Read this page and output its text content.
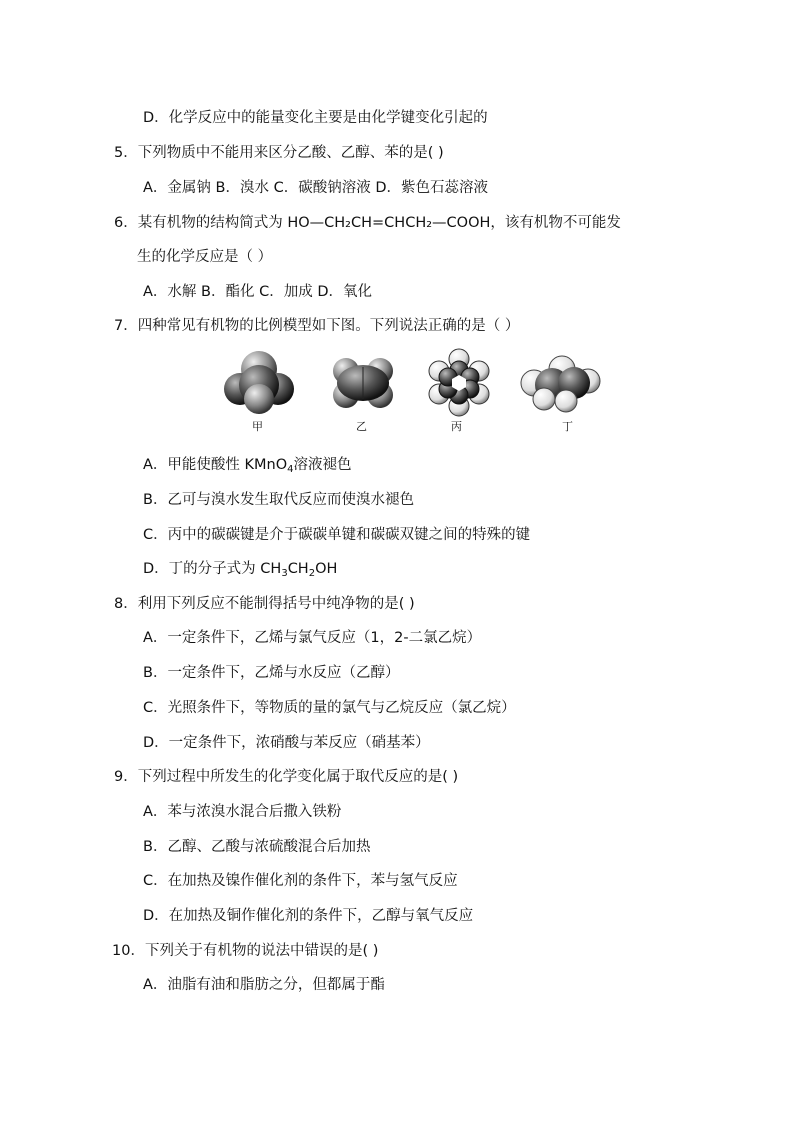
D．化学反应中的能量变化主要是由化学键变化引起的
5．下列物质中不能用来区分乙酸、乙醇、苯的是( )
A．金属钠 B．溴水 C．碳酸钠溶液 D．紫色石蕊溶液
6．某有机物的结构简式为 HO—CH₂CH=CHCH₂—COOH，该有机物不可能发
生的化学反应是（ ）
A．水解 B．酯化 C．加成 D．氧化
7．四种常见有机物的比例模型如下图。下列说法正确的是（ ）
甲	乙	丙	丁
A．甲能使酸性 KMnO$_4$溶液褪色
B．乙可与溴水发生取代反应而使溴水褪色
C．丙中的碳碳键是介于碳碳单键和碳碳双键之间的特殊的键
D．丁的分子式为 $CH_3CH_2OH$
8．利用下列反应不能制得括号中纯净物的是( )
A．一定条件下，乙烯与氯气反应（1，2-二氯乙烷）
B．一定条件下，乙烯与水反应（乙醇）
C．光照条件下，等物质的量的氯气与乙烷反应（氯乙烷）
D．一定条件下，浓硝酸与苯反应（硝基苯）
9．下列过程中所发生的化学变化属于取代反应的是( )
A．苯与浓溴水混合后撒入铁粉
B．乙醇、乙酸与浓硫酸混合后加热
C．在加热及镍作催化剂的条件下，苯与氢气反应
D．在加热及铜作催化剂的条件下，乙醇与氧气反应
10．下列关于有机物的说法中错误的是( )
A．油脂有油和脂肪之分，但都属于酯
